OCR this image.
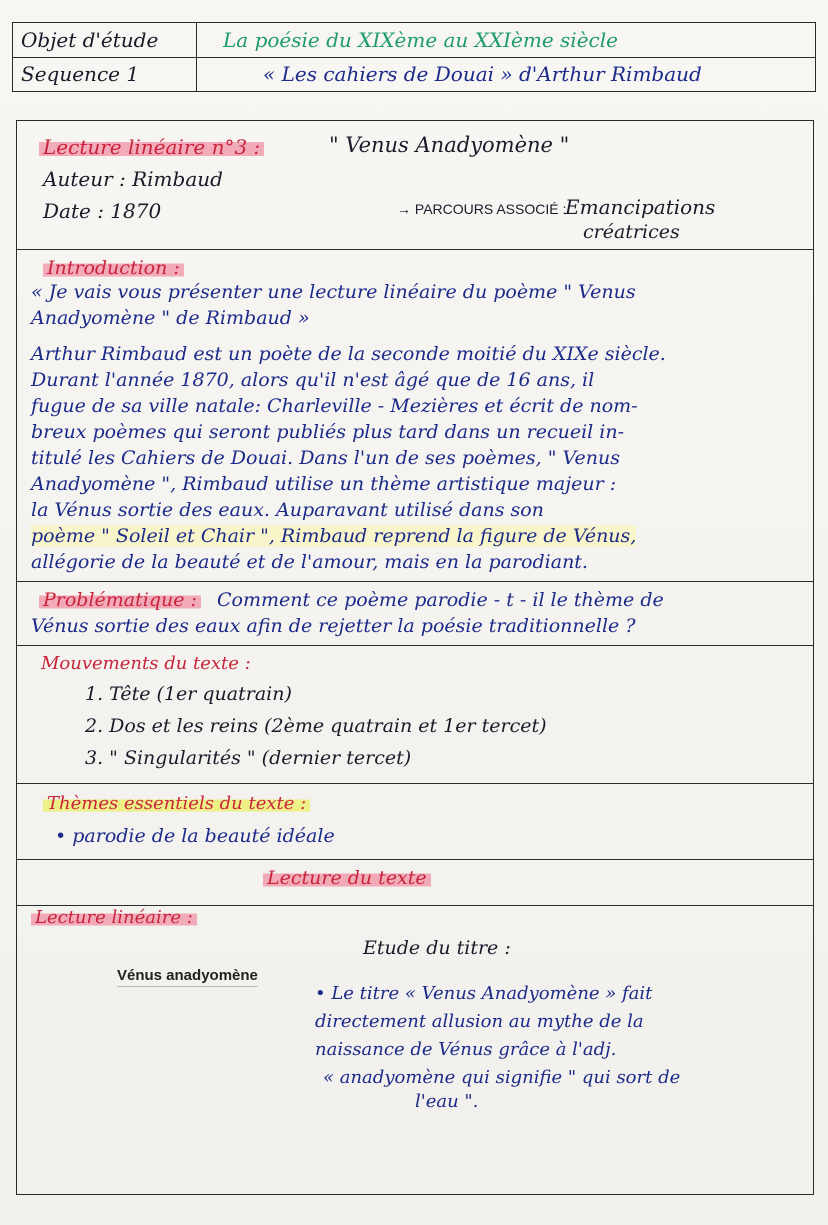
Objet d'étude	La poésie du XIXème au XXIème siècle
Sequence 1	« Les cahiers de Douai » d'Arthur Rimbaud
Lecture linéaire n°3 :	" Venus Anadyomène "
Auteur : Rimbaud
Date : 1870	→ PARCOURS ASSOCIÉ :
Emancipations
créatrices
Introduction :
« Je vais vous présenter une lecture linéaire du poème " Venus
Anadyomène " de Rimbaud »
Arthur Rimbaud est un poète de la seconde moitié du XIXe siècle.
Durant l'année 1870, alors qu'il n'est âgé que de 16 ans, il
fugue de sa ville natale: Charleville - Mezières et écrit de nom-
breux poèmes qui seront publiés plus tard dans un recueil in-
titulé les Cahiers de Douai. Dans l'un de ses poèmes, " Venus
Anadyomène ", Rimbaud utilise un thème artistique majeur :
la Vénus sortie des eaux. Auparavant utilisé dans son
poème " Soleil et Chair ", Rimbaud reprend la figure de Vénus,
allégorie de la beauté et de l'amour, mais en la parodiant.
Problématique : Comment ce poème parodie - t - il le thème de
Vénus sortie des eaux afin de rejetter la poésie traditionnelle ?
Mouvements du texte :
1. Tête (1er quatrain)
2. Dos et les reins (2ème quatrain et 1er tercet)
3. " Singularités " (dernier tercet)
Thèmes essentiels du texte :
• parodie de la beauté idéale
Lecture du texte
Lecture linéaire :
Vénus anadyomène
Etude du titre :
• Le titre « Venus Anadyomène » fait
directement allusion au mythe de la
naissance de Vénus grâce à l'adj.
« anadyomène qui signifie " qui sort de
l'eau ".
